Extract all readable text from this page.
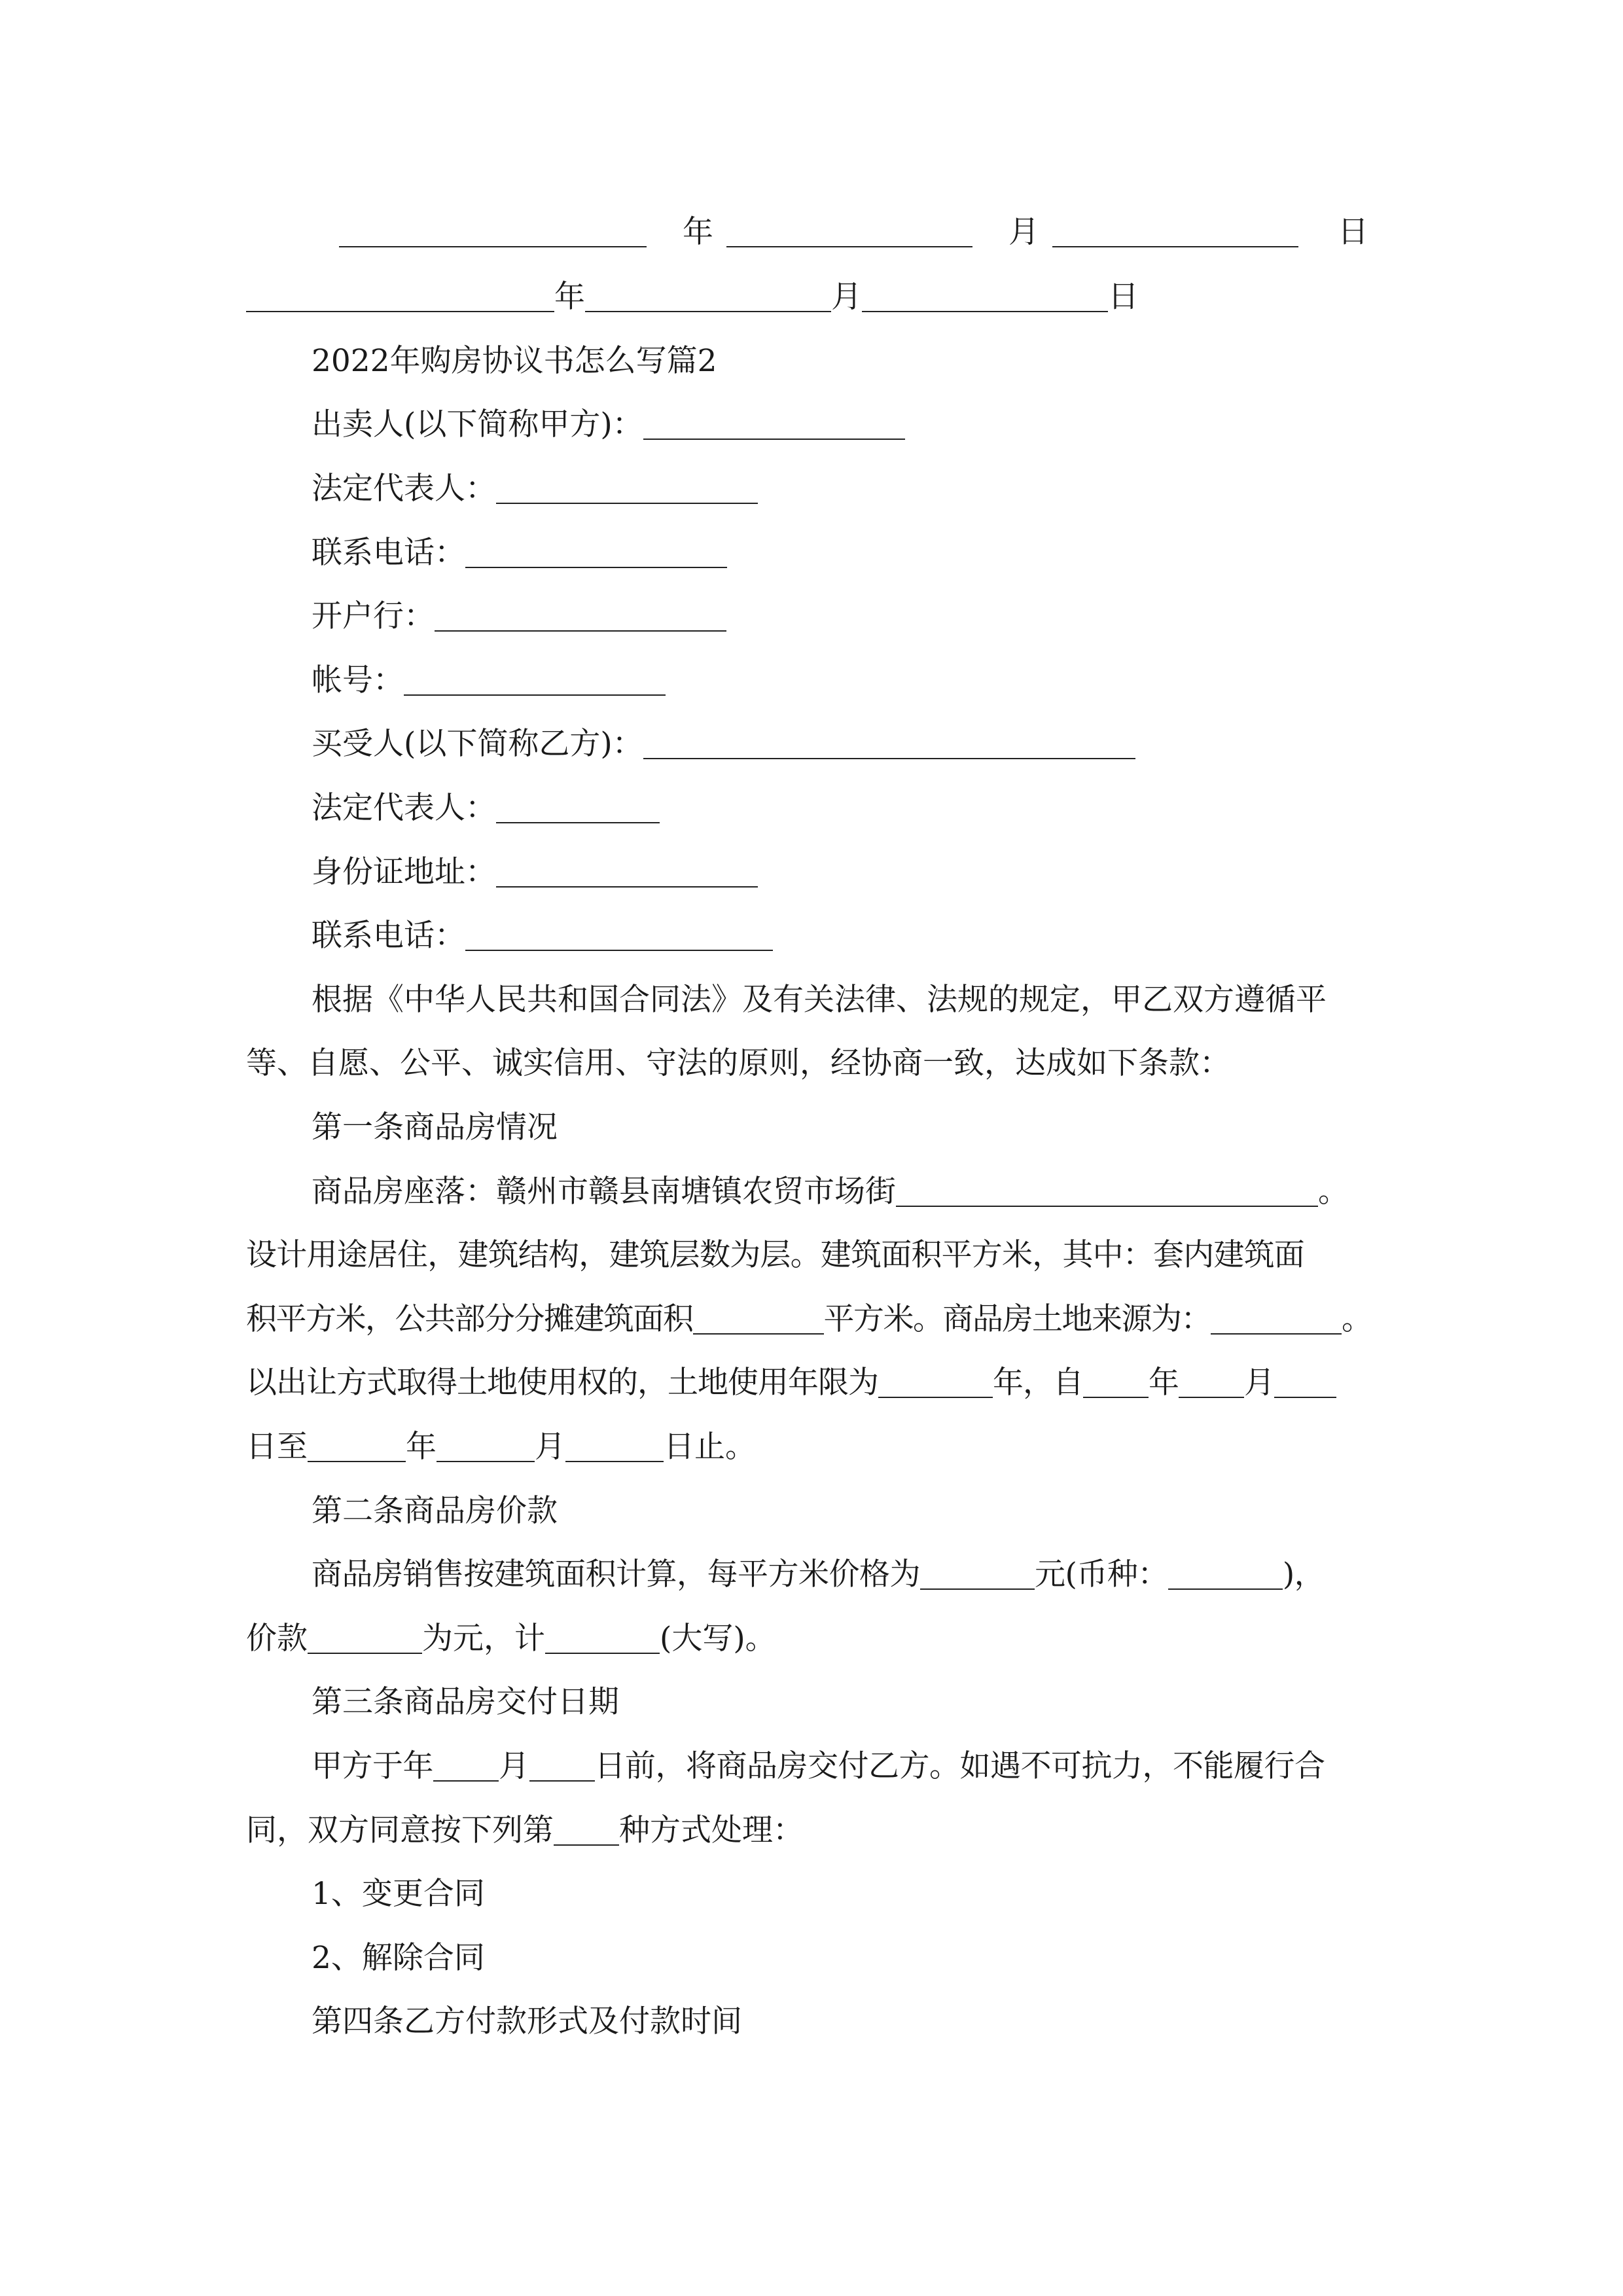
年	月	日
年	月	日
2022年购房协议书怎么写篇2
出卖人(以下简称甲方)：
法定代表人：
联系电话：
开户行：
帐号：
买受人(以下简称乙方)：
法定代表人：
身份证地址：
联系电话：
根据《中华人民共和国合同法》及有关法律、法规的规定，甲乙双方遵循平
等、自愿、公平、诚实信用、守法的原则，经协商一致，达成如下条款：
第一条商品房情况
商品房座落：赣州市赣县南塘镇农贸市场街	。
设计用途居住，建筑结构，建筑层数为层。建筑面积平方米，其中：套内建筑面
积平方米，公共部分分摊建筑面积	平方米。商品房土地来源为：	。
以出让方式取得土地使用权的，土地使用年限为	年，自 年 月
日至	年	月	日止。
第二条商品房价款
商品房销售按建筑面积计算，每平方米价格为	元(币种：	)，
价款	为元，计	(大写)。
第三条商品房交付日期
甲方于年 月 日前，将商品房交付乙方。如遇不可抗力，不能履行合
同，双方同意按下列第 种方式处理：
1、变更合同
2、解除合同
第四条乙方付款形式及付款时间
